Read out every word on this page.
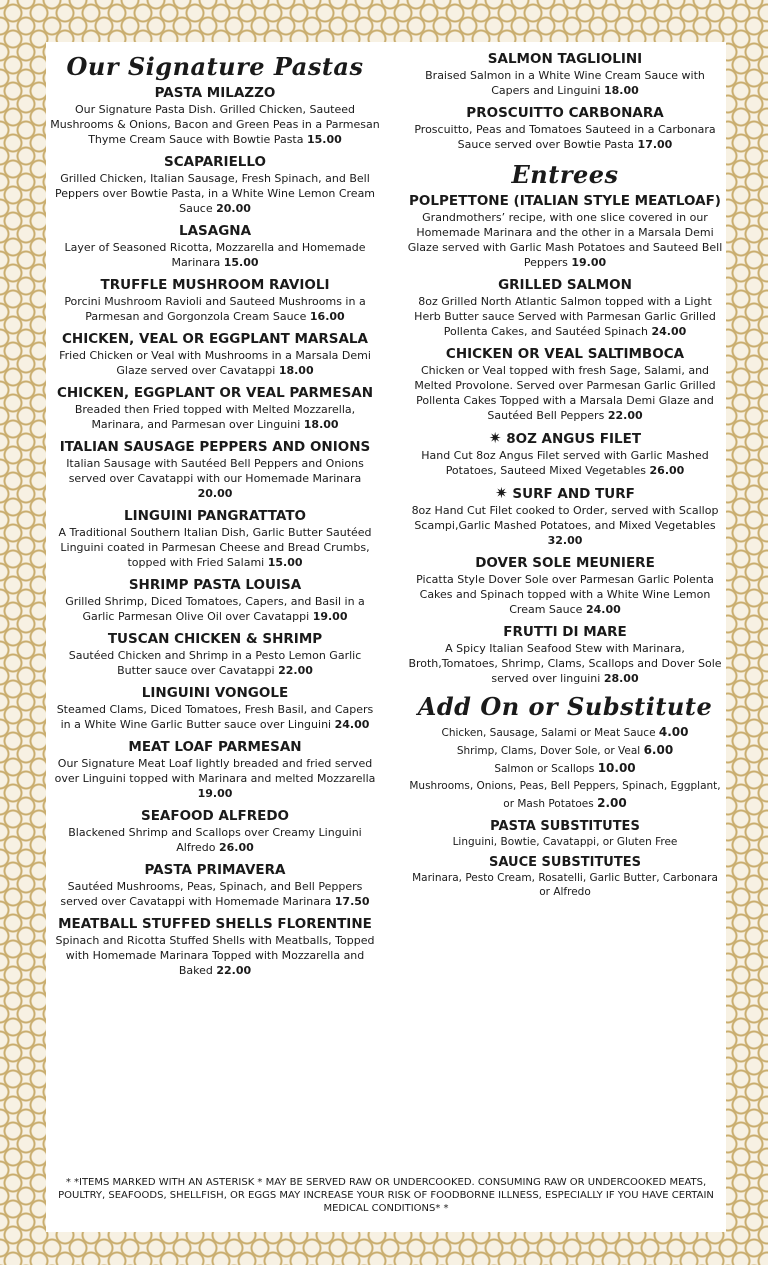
Our Signature Pastas
PASTA MILAZZO
Our Signature Pasta Dish. Grilled Chicken, Sauteed Mushrooms & Onions, Bacon and Green Peas in a Parmesan Thyme Cream Sauce with Bowtie Pasta 15.00
SCAPARIELLO
Grilled Chicken, Italian Sausage, Fresh Spinach, and Bell Peppers over Bowtie Pasta, in a White Wine Lemon Cream Sauce 20.00
LASAGNA
Layer of Seasoned Ricotta, Mozzarella and Homemade Marinara 15.00
TRUFFLE MUSHROOM RAVIOLI
Porcini Mushroom Ravioli and Sauteed Mushrooms in a Parmesan and Gorgonzola Cream Sauce 16.00
CHICKEN, VEAL OR EGGPLANT MARSALA
Fried Chicken or Veal with Mushrooms in a Marsala Demi Glaze served over Cavatappi 18.00
CHICKEN, EGGPLANT OR VEAL PARMESAN
Breaded then Fried topped with Melted Mozzarella, Marinara, and Parmesan over Linguini 18.00
ITALIAN SAUSAGE PEPPERS AND ONIONS
Italian Sausage with Sautéed Bell Peppers and Onions served over Cavatappi with our Homemade Marinara 20.00
LINGUINI PANGRATTATO
A Traditional Southern Italian Dish, Garlic Butter Sautéed Linguini coated in Parmesan Cheese and Bread Crumbs, topped with Fried Salami 15.00
SHRIMP PASTA LOUISA
Grilled Shrimp, Diced Tomatoes, Capers, and Basil in a Garlic Parmesan Olive Oil over Cavatappi 19.00
TUSCAN CHICKEN & SHRIMP
Sautéed Chicken and Shrimp in a Pesto Lemon Garlic Butter sauce over Cavatappi 22.00
LINGUINI VONGOLE
Steamed Clams, Diced Tomatoes, Fresh Basil, and Capers in a White Wine Garlic Butter sauce over Linguini 24.00
MEAT LOAF PARMESAN
Our Signature Meat Loaf lightly breaded and fried served over Linguini topped with Marinara and melted Mozzarella 19.00
SEAFOOD ALFREDO
Blackened Shrimp and Scallops over Creamy Linguini Alfredo 26.00
PASTA PRIMAVERA
Sautéed Mushrooms, Peas, Spinach, and Bell Peppers served over Cavatappi with Homemade Marinara 17.50
MEATBALL STUFFED SHELLS FLORENTINE
Spinach and Ricotta Stuffed Shells with Meatballs, Topped with Homemade Marinara Topped with Mozzarella and Baked 22.00
SALMON TAGLIOLINI
Braised Salmon in a White Wine Cream Sauce with Capers and Linguini 18.00
PROSCUITTO CARBONARA
Proscuitto, Peas and Tomatoes Sauteed in a Carbonara Sauce served over Bowtie Pasta 17.00
Entrees
POLPETTONE (ITALIAN STYLE MEATLOAF)
Grandmothers’ recipe, with one slice covered in our Homemade Marinara and the other in a Marsala Demi Glaze served with Garlic Mash Potatoes and Sauteed Bell Peppers 19.00
GRILLED SALMON
8oz Grilled North Atlantic Salmon topped with a Light Herb Butter sauce Served with Parmesan Garlic Grilled Pollenta Cakes, and Sautéed Spinach 24.00
CHICKEN OR VEAL SALTIMBOCA
Chicken or Veal topped with fresh Sage, Salami, and Melted Provolone. Served over Parmesan Garlic Grilled Pollenta Cakes Topped with a Marsala Demi Glaze and Sautéed Bell Peppers 22.00
✷ 8OZ ANGUS FILET
Hand Cut 8oz Angus Filet served with Garlic Mashed Potatoes, Sauteed Mixed Vegetables 26.00
✷ SURF AND TURF
8oz Hand Cut Filet cooked to Order, served with Scallop Scampi,Garlic Mashed Potatoes, and Mixed Vegetables 32.00
DOVER SOLE MEUNIERE
Picatta Style Dover Sole over Parmesan Garlic Polenta Cakes and Spinach topped with a White Wine Lemon Cream Sauce 24.00
FRUTTI DI MARE
A Spicy Italian Seafood Stew with Marinara, Broth,Tomatoes, Shrimp, Clams, Scallops and Dover Sole served over linguini 28.00
Add On or Substitute
Chicken, Sausage, Salami or Meat Sauce 4.00
Shrimp, Clams, Dover Sole, or Veal 6.00
Salmon or Scallops 10.00
Mushrooms, Onions, Peas, Bell Peppers, Spinach, Eggplant, or Mash Potatoes 2.00
PASTA SUBSTITUTES
Linguini, Bowtie, Cavatappi, or Gluten Free
SAUCE SUBSTITUTES
Marinara, Pesto Cream, Rosatelli, Garlic Butter, Carbonara or Alfredo
* *ITEMS MARKED WITH AN ASTERISK * MAY BE SERVED RAW OR UNDERCOOKED. CONSUMING RAW OR UNDERCOOKED MEATS, POULTRY, SEAFOODS, SHELLFISH, OR EGGS MAY INCREASE YOUR RISK OF FOODBORNE ILLNESS, ESPECIALLY IF YOU HAVE CERTAIN MEDICAL CONDITIONS* *
